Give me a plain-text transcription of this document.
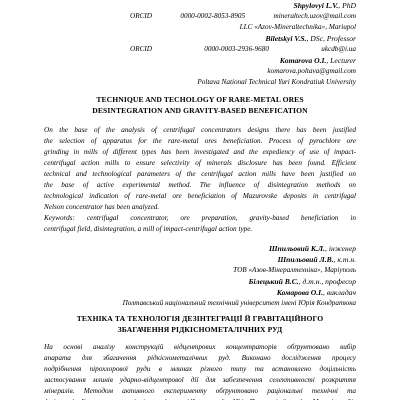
Shpylovyi L.V., PhD
ORCID 0000-0002-8053-8905	mineraltech.uzov@mail.com
LLC «Azov-Mineraltechnika», Mariupol
Biletskyi V.S., DSc, Professor
ORCID 0000-0003-2936-9680	ukcdb@i.ua
Komarova O.I., Lecturer
komarova.poltava@gmail.com
Poltava National Technical Yuri Kondratiuk University
TECHNIQUE AND TECHOLOGY OF RARE-METAL ORES
DESINTEGRATION AND GRAVITY-BASED BENEFICATION
On the base of the analysis of centrifugal concentrators designs there has been justified
the selection of apparatus for the rare-metal ores beneficiation. Process of pyrochlore ore
grinding in mills of different types has been investigated and the expediency of use of impact-
centrifugal action mills to ensure selectivity of minerals disclosure has been found. Efficient
technical and technological parameters of the centrifugal action mills have been justified on
the base of active experimental method. The influence of disintegration methods on
technological indication of rare-metal ore beneficiation of Mazurovske deposits in centrifugal
Nelson concentrator has been analyzed.
Keywords: centrifugal concentrator, ore preparation, gravity-based beneficiation in
centrifugal field, disintegration, a mill of impact-centrifugal action type.
Шпильовий К.Л., інженер
Шпильовий Л.В., к.т.н.
ТОВ «Азов-Мінералтехніка», Маріуполь
Білецький В.С., д.т.н., професор
Комарова О.І., викладач
Полтавський національний технічний університет імені Юрія Кондратюка
ТЕХНІКА ТА ТЕХНОЛОГІЯ ДЕЗІНТЕГРАЦІЇ Й ГРАВІТАЦІЙНОГО
ЗБАГАЧЕННЯ РІДКІСНОМЕТАЛІЧНИХ РУД
На основі аналізу конструкцій відцентрових концентраторів обґрунтовано вибір
апарата для збагачення рідкіснометалічних руд. Виконано дослідження процесу
подрібнення пірохлорової руди в млинах різного типу та встановлено доцільність
застосування млинів ударно-відцентрової дії для забезпечення селективності розкриття
мінералів. Методом активного експерименту обґрунтовано раціональні технічні та
